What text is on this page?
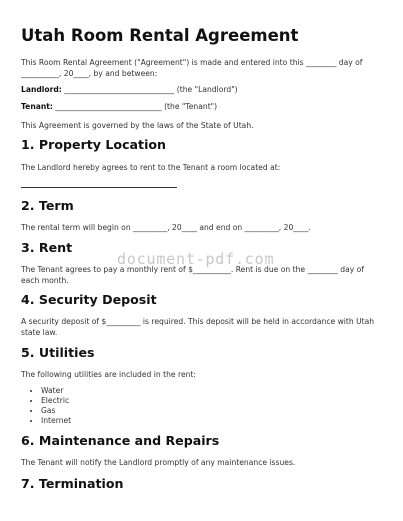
Utah Room Rental Agreement

This Room Rental Agreement ("Agreement") is made and entered into this ________ day of __________, 20____, by and between:

Landlord: _____________________________ (the "Landlord")

Tenant: ____________________________ (the "Tenant")

This Agreement is governed by the laws of the State of Utah.

1. Property Location

The Landlord hereby agrees to rent to the Tenant a room located at:

2. Term

The rental term will begin on _________, 20____ and end on _________, 20____.

3. Rent

The Tenant agrees to pay a monthly rent of $__________. Rent is due on the ________ day of each month.

4. Security Deposit

A security deposit of $_________ is required. This deposit will be held in accordance with Utah state law.

5. Utilities

The following utilities are included in the rent:

• Water
• Electric
• Gas
• Internet
6. Maintenance and Repairs

The Tenant will notify the Landlord promptly of any maintenance issues.

7. Termination
document-pdf.com
